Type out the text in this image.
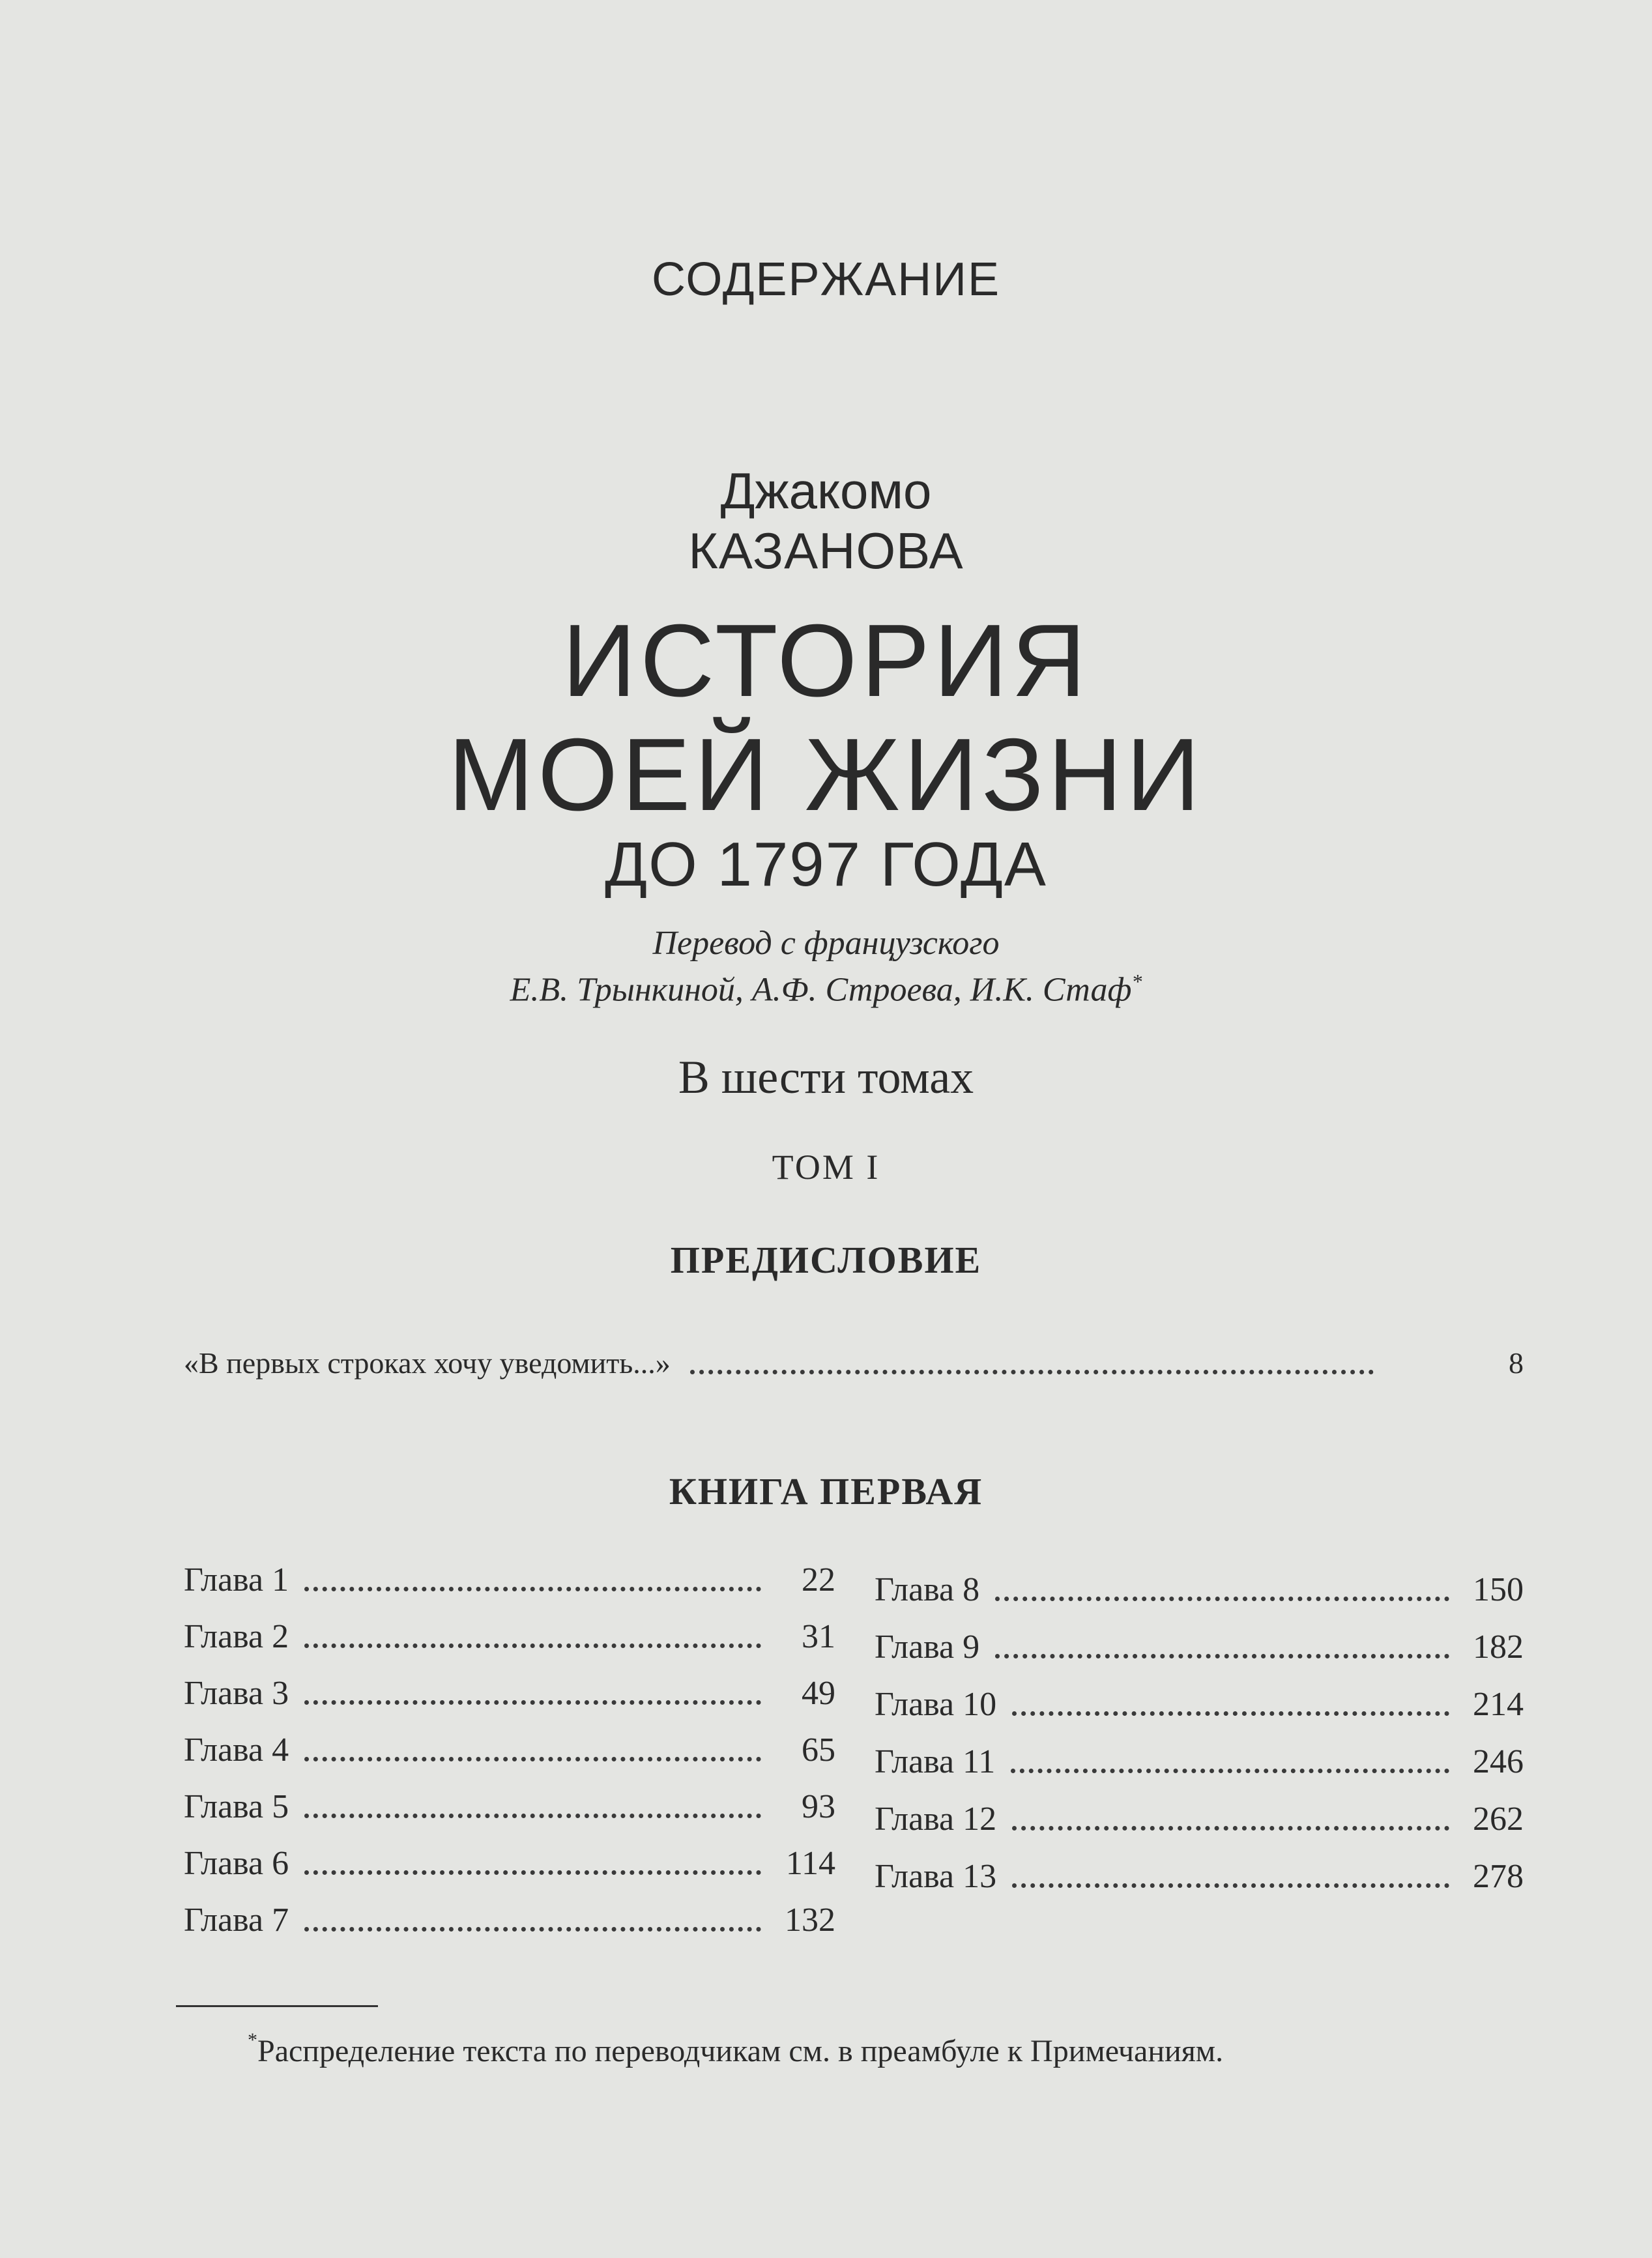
СОДЕРЖАНИЕ
Джакомо
КАЗАНОВА
ИСТОРИЯ
МОЕЙ ЖИЗНИ
ДО 1797 ГОДА
Перевод с французского
Е.В. Трынкиной, А.Ф. Строева, И.К. Стаф*
В шести томах
ТОМ I
ПРЕДИСЛОВИЕ
«В первых строках хочу уведомить...»	8
КНИГА ПЕРВАЯ
Глава 1	22
Глава 2	31
Глава 3	49
Глава 4	65
Глава 5	93
Глава 6	114
Глава 7	132
Глава 8	150
Глава 9	182
Глава 10	214
Глава 11	246
Глава 12	262
Глава 13	278
*Распределение текста по переводчикам см. в преамбуле к Примечаниям.
